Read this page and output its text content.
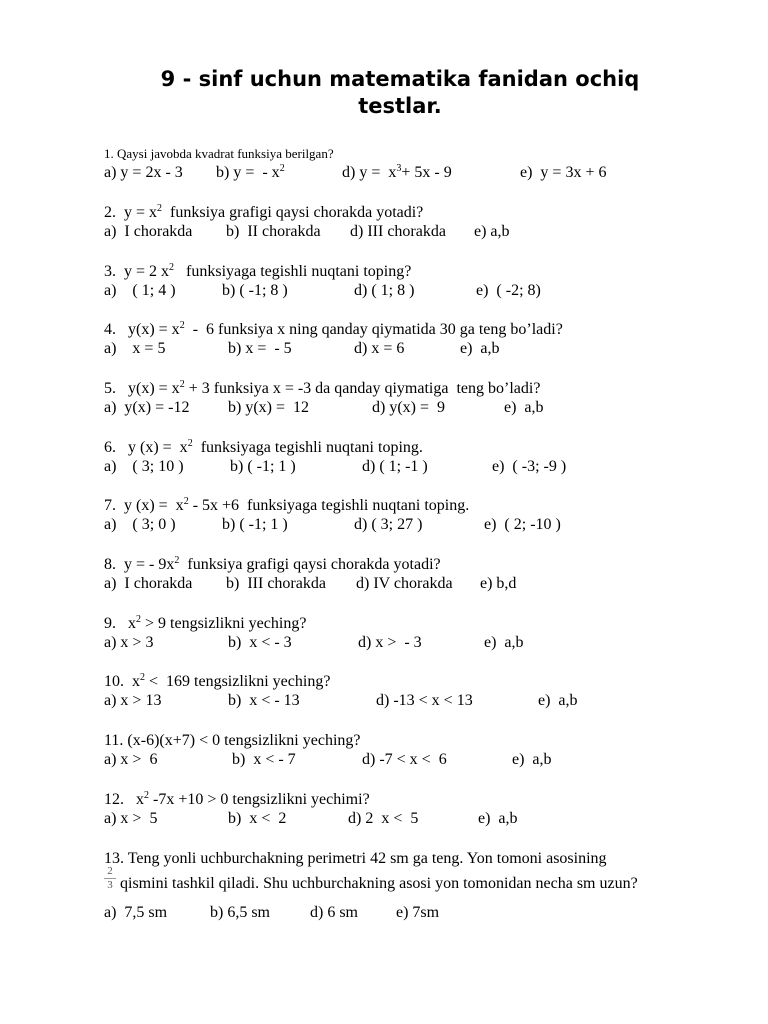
9 - sinf uchun matematika fanidan ochiq
testlar.
1. Qaysi javobda kvadrat funksiya berilgan?
a) y = 2x - 3 b) y =  - $x^2$	d) $y = x^3+ 5x - 9$	e)  y = 3x + 6
2.  $y = x^2$  funksiya grafigi qaysi chorakda yotadi?
a)  I chorakda b)  II chorakda d) III chorakda e) a,b
3.  y = 2 $x^2$   funksiyaga tegishli nuqtani toping?
a)    ( 1; 4 )	b) ( -1; 8 )	d) ( 1; 8 )	e)  ( -2; 8)
4.   $y(x) = x^2 - 6$ funksiya x ning qanday qiymatida 30 ga teng bo’ladi?
a)    x = 5	b) x =  - 5	d) x = 6	e)  a,b
5.   $y(x) = x^2 + 3$ funksiya x = -3 da qanday qiymatiga  teng bo’ladi?
a)  y(x) = -12 b) y(x) =  12	d) y(x) =  9	e)  a,b
6.   y $(x) = x^2$  funksiyaga tegishli nuqtani toping.
a)    ( 3; 10 )	b) ( -1; 1 )	d) ( 1; -1 )	e)  ( -3; -9 )
7.  y $(x) = x^2 - 5x +6$  funksiyaga tegishli nuqtani toping.
a)    ( 3; 0 )	b) ( -1; 1 )	d) ( 3; 27 )	e)  ( 2; -10 )
8.  y = - $9x^2$  funksiya grafigi qaysi chorakda yotadi?
a)  I chorakda b)  III chorakda d) IV chorakda e) b,d
9.   $x^2 > 9$ tengsizlikni yeching?
a) x > 3	b)  x < - 3	d) x >  - 3	e)  a,b
10.  $x^2 < 169$ tengsizlikni yeching?
a) x > 13	b)  x < - 13	d) -13 < x < 13	e)  a,b
11. (x-6)(x+7) < 0 tengsizlikni yeching?
a) x >  6	b)  x < - 7	d) -7 < x <  6	e)  a,b
12.   $x^2$ -7x +10 > 0 tengsizlikni yechimi?
a) x >  5	b)  x <  2	d) 2  x <  5	e)  a,b
13. Teng yonli uchburchakning perimetri 42 sm ga teng. Yon tomoni asosining
$\frac{2}{3}$ qismini tashkil qiladi. Shu uchburchakning asosi yon tomonidan necha sm uzun?
a)  7,5 sm	b) 6,5 sm	d) 6 sm e) 7sm
